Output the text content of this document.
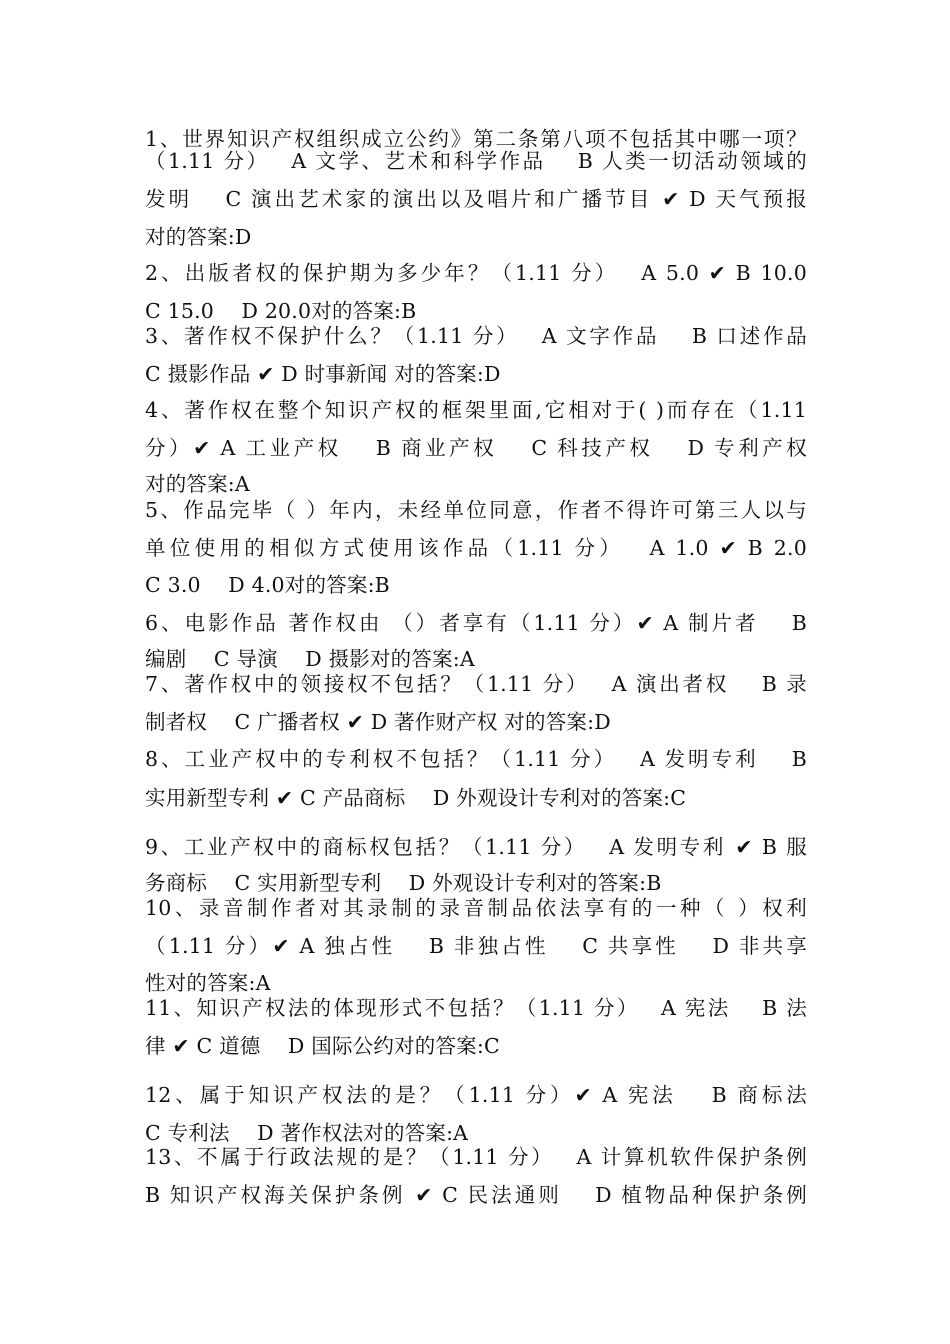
1、世界知识产权组织成立公约》第二条第八项不包括其中哪一项？
（1.11 分）　 A 文学、艺术和科学作品　 B 人类一切活动领域的
发明　 C 演出艺术家的演出以及唱片和广播节目 ✔ D 天气预报
对的答案:D
2、出版者权的保护期为多少年？（1.11 分）　 A 5.0 ✔ B 10.0
C 15.0　 D 20.0对的答案:B
3、著作权不保护什么？（1.11 分）　 A 文字作品　 B 口述作品
C 摄影作品 ✔ D 时事新闻 对的答案:D
4、著作权在整个知识产权的框架里面,它相对于( )而存在（1.11
分）✔ A 工业产权　 B 商业产权　 C 科技产权　 D 专利产权
对的答案:A
5、作品完毕（ ）年内，未经单位同意，作者不得许可第三人以与
单位使用的相似方式使用该作品（1.11 分）　 A 1.0 ✔ B 2.0
C 3.0　 D 4.0对的答案:B
6、电影作品 著作权由 （）者享有（1.11 分）✔ A 制片者　 B
编剧　 C 导演　 D 摄影对的答案:A
7、著作权中的领接权不包括？（1.11 分）　 A 演出者权　 B 录
制者权　 C 广播者权 ✔ D 著作财产权 对的答案:D
8、工业产权中的专利权不包括？（1.11 分）　 A 发明专利　 B
实用新型专利 ✔ C 产品商标　 D 外观设计专利对的答案:C
9、工业产权中的商标权包括？（1.11 分）　 A 发明专利 ✔ B 服
务商标　 C 实用新型专利　 D 外观设计专利对的答案:B
10、录音制作者对其录制的录音制品依法享有的一种（ ）权利
（1.11 分）✔ A 独占性　 B 非独占性　 C 共享性　 D 非共享
性对的答案:A
11、知识产权法的体现形式不包括？（1.11 分）　 A 宪法　 B 法
律 ✔ C 道德　 D 国际公约对的答案:C
12、属于知识产权法的是？（1.11 分）✔ A 宪法　 B 商标法
C 专利法　 D 著作权法对的答案:A
13、不属于行政法规的是？（1.11 分）　 A 计算机软件保护条例
B 知识产权海关保护条例 ✔ C 民法通则　 D 植物品种保护条例
